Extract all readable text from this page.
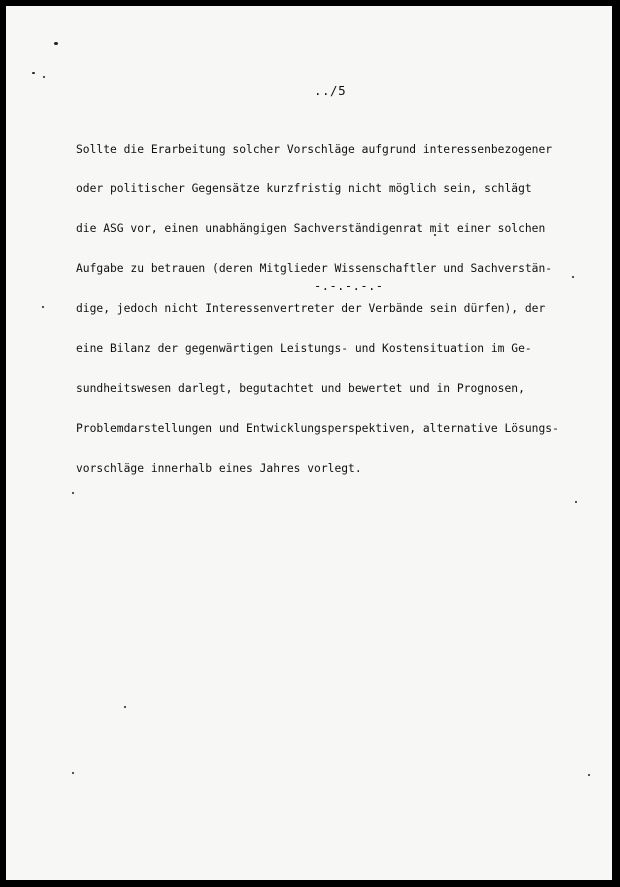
../5

Sollte die Erarbeitung solcher Vorschläge aufgrund interessenbezogener

oder politischer Gegensätze kurzfristig nicht möglich sein, schlägt

die ASG vor, einen unabhängigen Sachverständigenrat mit einer solchen

Aufgabe zu betrauen (deren Mitglieder Wissenschaftler und Sachverstän-

dige, jedoch nicht Interessenvertreter der Verbände sein dürfen), der

eine Bilanz der gegenwärtigen Leistungs- und Kostensituation im Ge-

sundheitswesen darlegt, begutachtet und bewertet und in Prognosen,

Problemdarstellungen und Entwicklungsperspektiven, alternative Lösungs-

vorschläge innerhalb eines Jahres vorlegt.

-.-.-.-.-
